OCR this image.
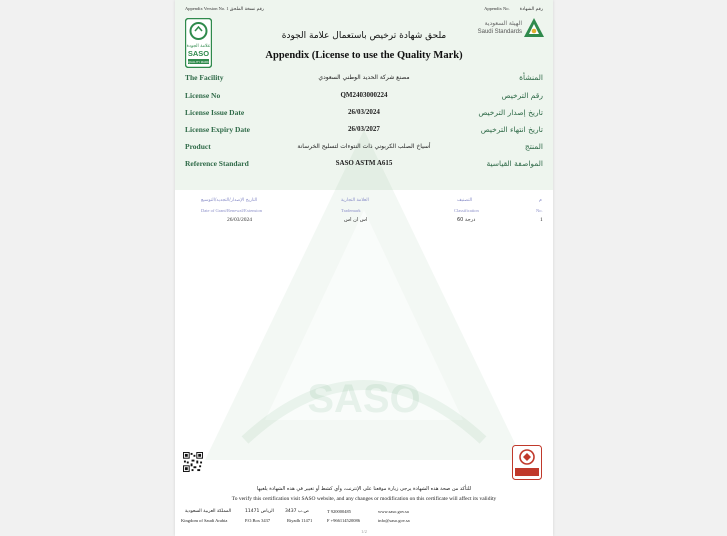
SASO
Appendix Version No. 1 رقم نسخة الملحق	Appendix No. رقم الشهادة
علامة الجودة
SASO
QUALITY MARK
الهيئة السعودية
Saudi Standards
ملحق شهادة ترخيص باستعمال علامة الجودة
Appendix (License to use the Quality Mark)
The Facility	مصنع شركة الحديد الوطني السعودي	المنشأة
License No	QM2403000224	رقم الترخيص
License Issue Date	26/03/2024	تاريخ إصدار الترخيص
License Expiry Date	26/03/2027	تاريخ انتهاء الترخيص
Product	أسياخ الصلب الكربوني ذات النتوءات لتسليح الخرسانة	المنتج
Reference Standard	SASO ASTM A615	المواصفة القياسية
التاريخ الإصدار/التجديد/التوسيع
Date of Grant/Renewal/Extension
العلامة التجارية
Trademark
التصنيف
Classification
م
No.
26/03/2024	اس ان اس	درجة 60	1
للتأكد من صحة هذه الشهادة يرجى زيارة موقعنا على الإنترنت، وأي كشط أو تغيير في هذه الشهادة يلغيها
To verify this certification visit SASO website, and any changes or modification on this certificate will affect its validity
المملكة العربية السعودية
Kingdom of Saudi Arabia
الرياض 11471
P.O.Box 3437
ص.ب 3437
Riyadh 11471
T 920000485
F +966114520086
www.saso.gov.sa
info@saso.gov.sa
1/2
